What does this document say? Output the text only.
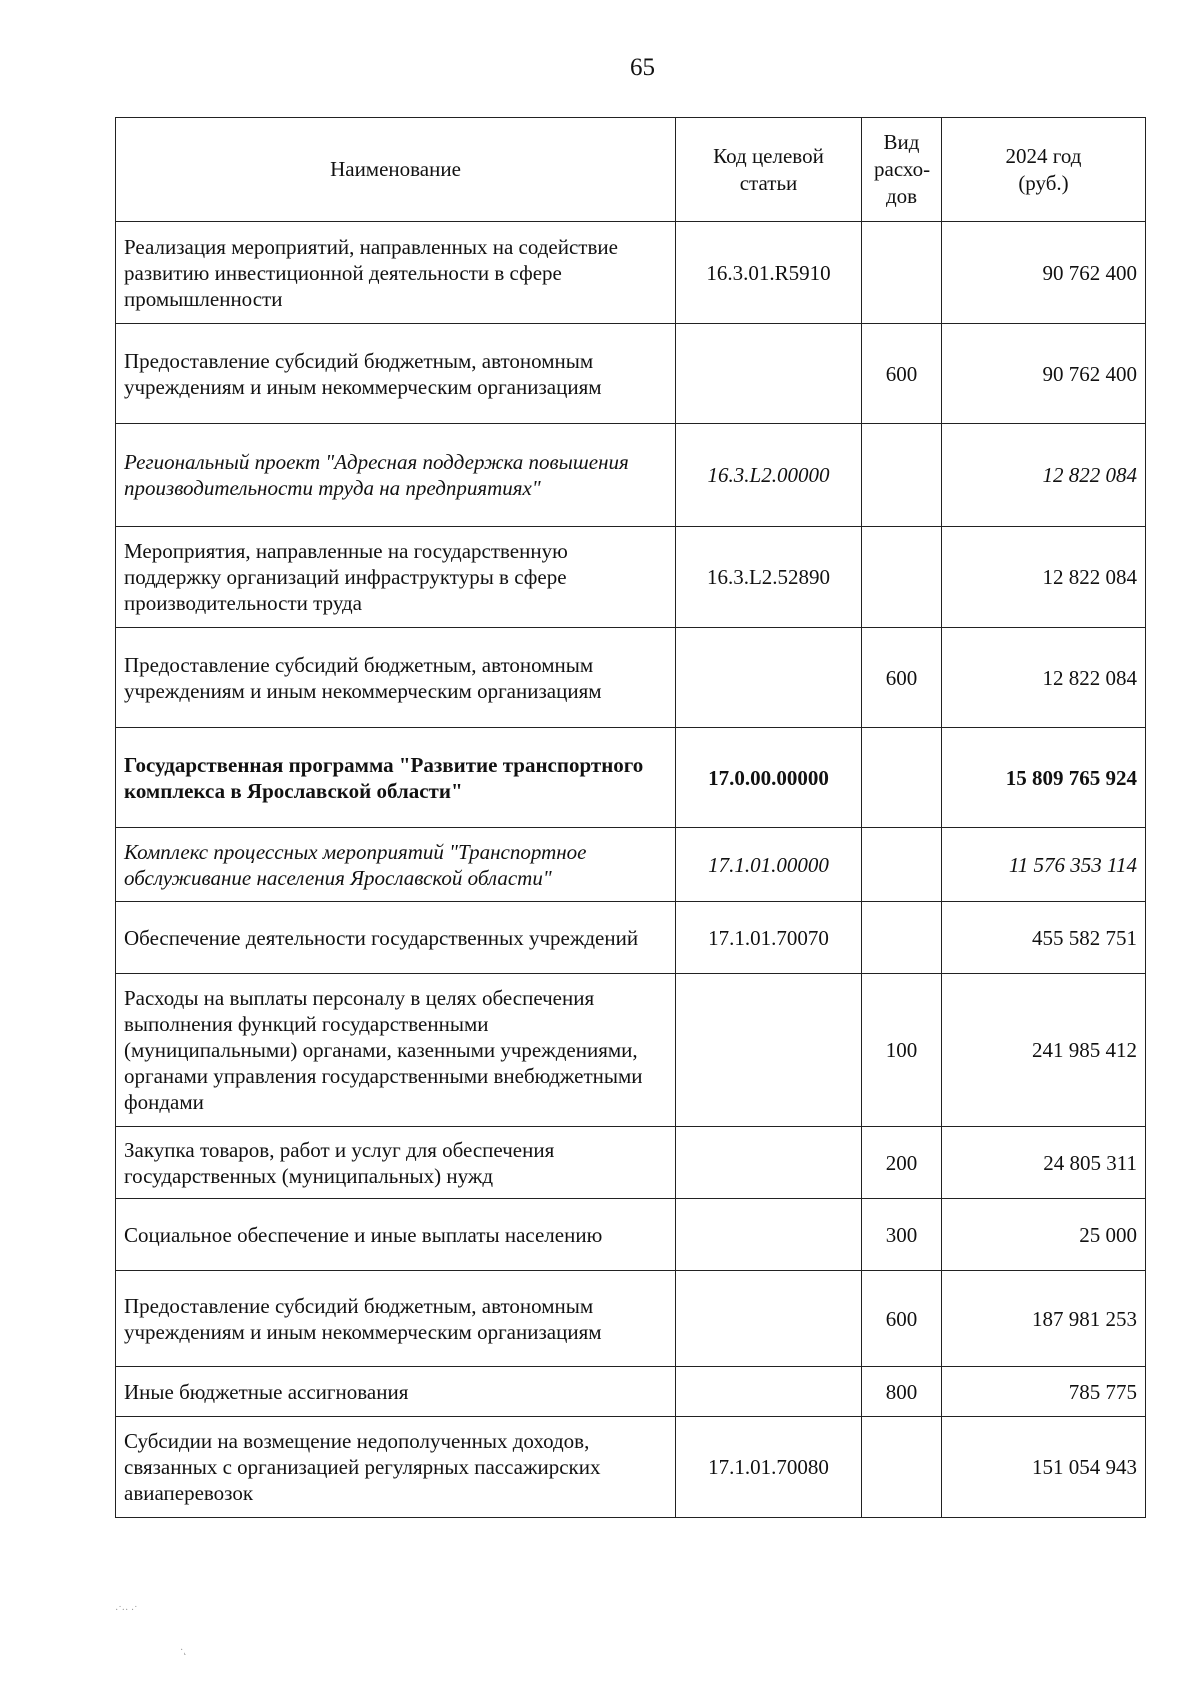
65
Наименование	Код целевой статьи	Вид расхо-дов	2024 год (руб.)
Реализация мероприятий, направленных на содействие развитию инвестиционной деятельности в сфере промышленности	16.3.01.R5910		90 762 400
Предоставление субсидий бюджетным, автономным учреждениям и иным некоммерческим организациям		600	90 762 400
Региональный проект "Адресная поддержка повышения производительности труда на предприятиях"	16.3.L2.00000		12 822 084
Мероприятия, направленные на государственную поддержку организаций инфраструктуры в сфере производительности труда	16.3.L2.52890		12 822 084
Предоставление субсидий бюджетным, автономным учреждениям и иным некоммерческим организациям		600	12 822 084
Государственная программа "Развитие транспортного комплекса в Ярославской области"	17.0.00.00000		15 809 765 924
Комплекс процессных мероприятий "Транспортное обслуживание населения Ярославской области"	17.1.01.00000		11 576 353 114
Обеспечение деятельности государственных учреждений	17.1.01.70070		455 582 751
Расходы на выплаты персоналу в целях обеспечения выполнения функций государственными (муниципальными) органами, казенными учреждениями, органами управления государственными внебюджетными фондами		100	241 985 412
Закупка товаров, работ и услуг для обеспечения государственных (муниципальных) нужд		200	24 805 311
Социальное обеспечение и иные выплаты населению		300	25 000
Предоставление субсидий бюджетным, автономным учреждениям и иным некоммерческим организациям		600	187 981 253
Иные бюджетные ассигнования		800	785 775
Субсидии на возмещение недополученных доходов, связанных с организацией регулярных пассажирских авиаперевозок	17.1.01.70080		151 054 943
·˙·· ·˙
·˛
